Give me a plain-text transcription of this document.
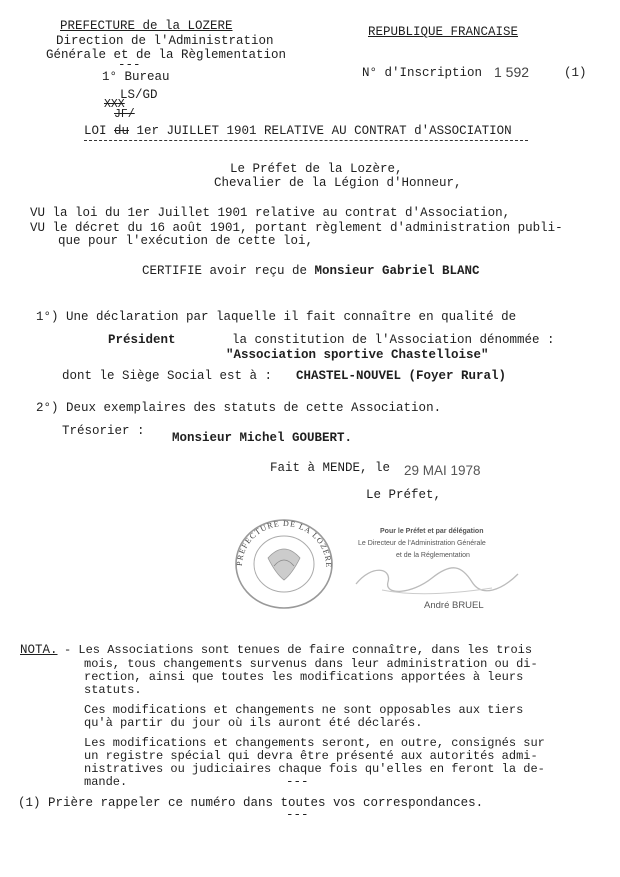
PREFECTURE de la LOZERE
Direction de l'Administration
Générale et de la Règlementation
---
1° Bureau
LS/GD
XXX
JF/
REPUBLIQUE FRANCAISE
N° d'Inscription 1 592	(1)
LOI du 1er JUILLET 1901 RELATIVE AU CONTRAT d'ASSOCIATION
Le Préfet de la Lozère,
Chevalier de la Légion d'Honneur,
VU la loi du 1er Juillet 1901 relative au contrat d'Association,
VU le décret du 16 août 1901, portant règlement d'administration publi-
que pour l'exécution de cette loi,
CERTIFIE avoir reçu de Monsieur Gabriel BLANC
1°) Une déclaration par laquelle il fait connaître en qualité de
Président	la constitution de l'Association dénommée :
"Association sportive Chastelloise"
dont le Siège Social est à : CHASTEL-NOUVEL (Foyer Rural)
2°) Deux exemplaires des statuts de cette Association.
Trésorier : Monsieur Michel GOUBERT.
Fait à MENDE, le 29 MAI 1978
Le Préfet,
PREFECTURE DE LA LOZERE
Pour le Préfet et par délégation
Le Directeur de l'Administration Générale
et de la Réglementation
André BRUEL
NOTA. - Les Associations sont tenues de faire connaître, dans les trois
mois, tous changements survenus dans leur administration ou di-
rection, ainsi que toutes les modifications apportées à leurs
statuts.
Ces modifications et changements ne sont opposables aux tiers
qu'à partir du jour où ils auront été déclarés.
Les modifications et changements seront, en outre, consignés sur
un registre spécial qui devra être présenté aux autorités admi-
nistratives ou judiciaires chaque fois qu'elles en feront la de-
mande.	---
(1) Prière rappeler ce numéro dans toutes vos correspondances.
---
